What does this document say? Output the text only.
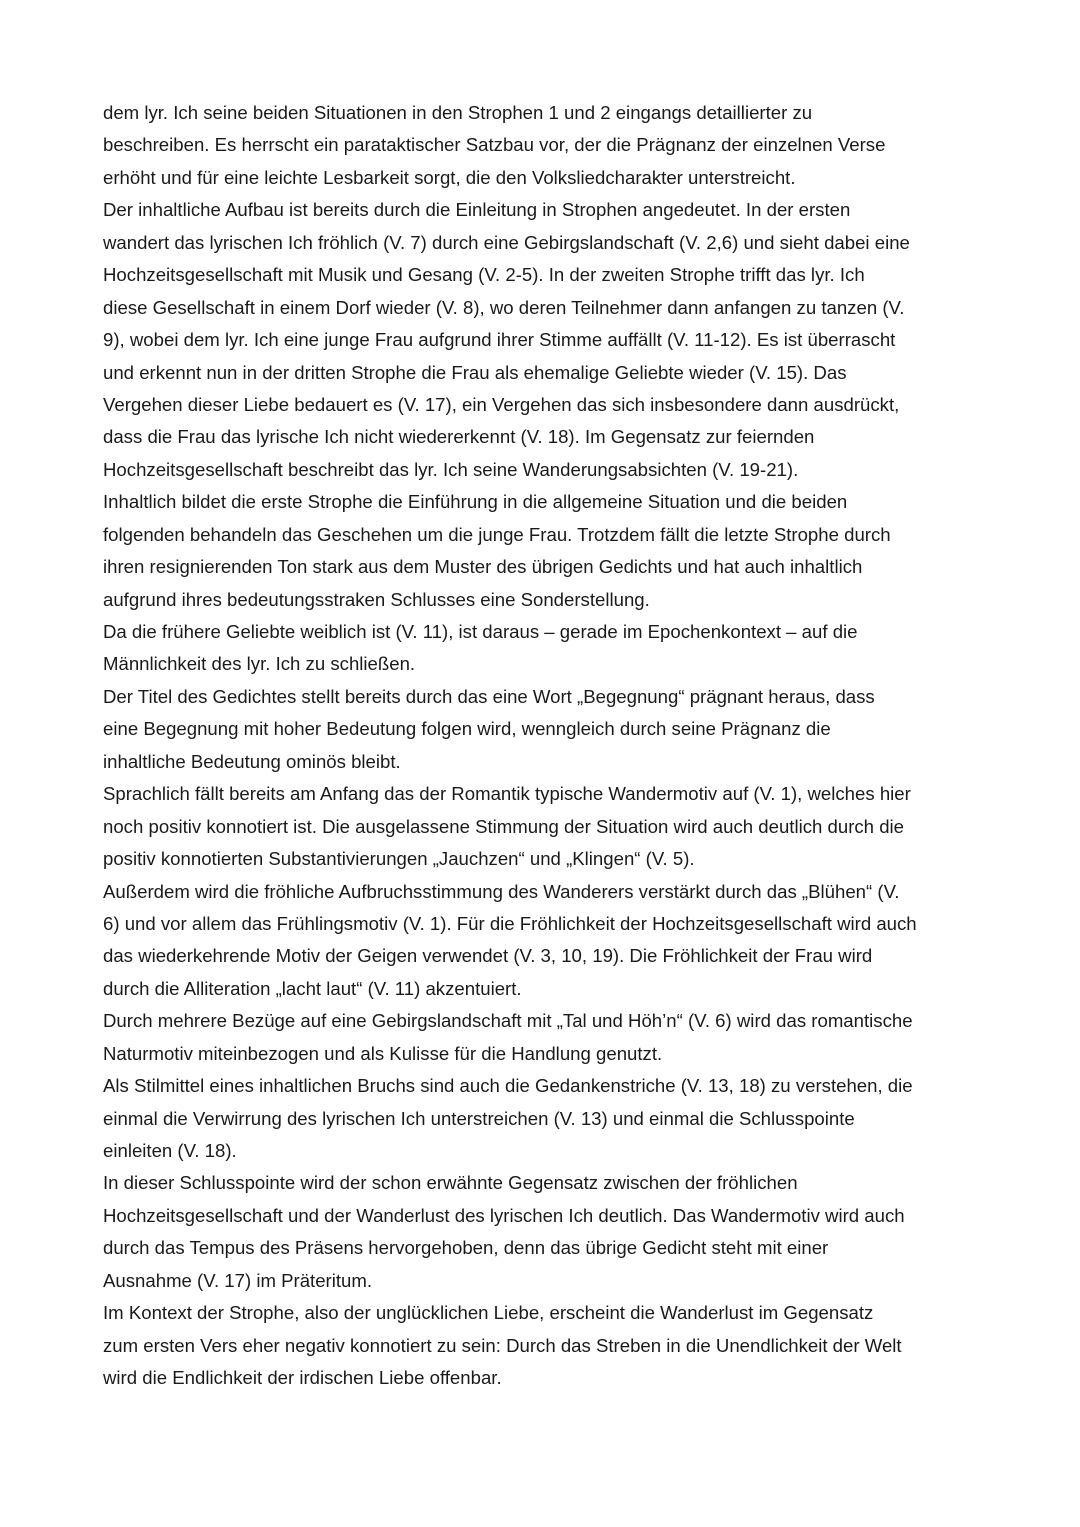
dem lyr. Ich seine beiden Situationen in den Strophen 1 und 2 eingangs detaillierter zu
beschreiben. Es herrscht ein parataktischer Satzbau vor, der die Prägnanz der einzelnen Verse
erhöht und für eine leichte Lesbarkeit sorgt, die den Volksliedcharakter unterstreicht.
Der inhaltliche Aufbau ist bereits durch die Einleitung in Strophen angedeutet. In der ersten
wandert das lyrischen Ich fröhlich (V. 7) durch eine Gebirgslandschaft (V. 2,6) und sieht dabei eine
Hochzeitsgesellschaft mit Musik und Gesang (V. 2-5). In der zweiten Strophe trifft das lyr. Ich
diese Gesellschaft in einem Dorf wieder (V. 8), wo deren Teilnehmer dann anfangen zu tanzen (V.
9), wobei dem lyr. Ich eine junge Frau aufgrund ihrer Stimme auffällt (V. 11-12). Es ist überrascht
und erkennt nun in der dritten Strophe die Frau als ehemalige Geliebte wieder (V. 15). Das
Vergehen dieser Liebe bedauert es (V. 17), ein Vergehen das sich insbesondere dann ausdrückt,
dass die Frau das lyrische Ich nicht wiedererkennt (V. 18). Im Gegensatz zur feiernden
Hochzeitsgesellschaft beschreibt das lyr. Ich seine Wanderungsabsichten (V. 19-21).
Inhaltlich bildet die erste Strophe die Einführung in die allgemeine Situation und die beiden
folgenden behandeln das Geschehen um die junge Frau. Trotzdem fällt die letzte Strophe durch
ihren resignierenden Ton stark aus dem Muster des übrigen Gedichts und hat auch inhaltlich
aufgrund ihres bedeutungsstraken Schlusses eine Sonderstellung.
Da die frühere Geliebte weiblich ist (V. 11), ist daraus – gerade im Epochenkontext – auf die
Männlichkeit des lyr. Ich zu schließen.
Der Titel des Gedichtes stellt bereits durch das eine Wort „Begegnung“ prägnant heraus, dass
eine Begegnung mit hoher Bedeutung folgen wird, wenngleich durch seine Prägnanz die
inhaltliche Bedeutung ominös bleibt.
Sprachlich fällt bereits am Anfang das der Romantik typische Wandermotiv auf (V. 1), welches hier
noch positiv konnotiert ist. Die ausgelassene Stimmung der Situation wird auch deutlich durch die
positiv konnotierten Substantivierungen „Jauchzen“ und „Klingen“ (V. 5).
Außerdem wird die fröhliche Aufbruchsstimmung des Wanderers verstärkt durch das „Blühen“ (V.
6) und vor allem das Frühlingsmotiv (V. 1). Für die Fröhlichkeit der Hochzeitsgesellschaft wird auch
das wiederkehrende Motiv der Geigen verwendet (V. 3, 10, 19). Die Fröhlichkeit der Frau wird
durch die Alliteration „lacht laut“ (V. 11) akzentuiert.
Durch mehrere Bezüge auf eine Gebirgslandschaft mit „Tal und Höh’n“ (V. 6) wird das romantische
Naturmotiv miteinbezogen und als Kulisse für die Handlung genutzt.
Als Stilmittel eines inhaltlichen Bruchs sind auch die Gedankenstriche (V. 13, 18) zu verstehen, die
einmal die Verwirrung des lyrischen Ich unterstreichen (V. 13) und einmal die Schlusspointe
einleiten (V. 18).
In dieser Schlusspointe wird der schon erwähnte Gegensatz zwischen der fröhlichen
Hochzeitsgesellschaft und der Wanderlust des lyrischen Ich deutlich. Das Wandermotiv wird auch
durch das Tempus des Präsens hervorgehoben, denn das übrige Gedicht steht mit einer
Ausnahme (V. 17) im Präteritum.
Im Kontext der Strophe, also der unglücklichen Liebe, erscheint die Wanderlust im Gegensatz
zum ersten Vers eher negativ konnotiert zu sein: Durch das Streben in die Unendlichkeit der Welt
wird die Endlichkeit der irdischen Liebe offenbar.
